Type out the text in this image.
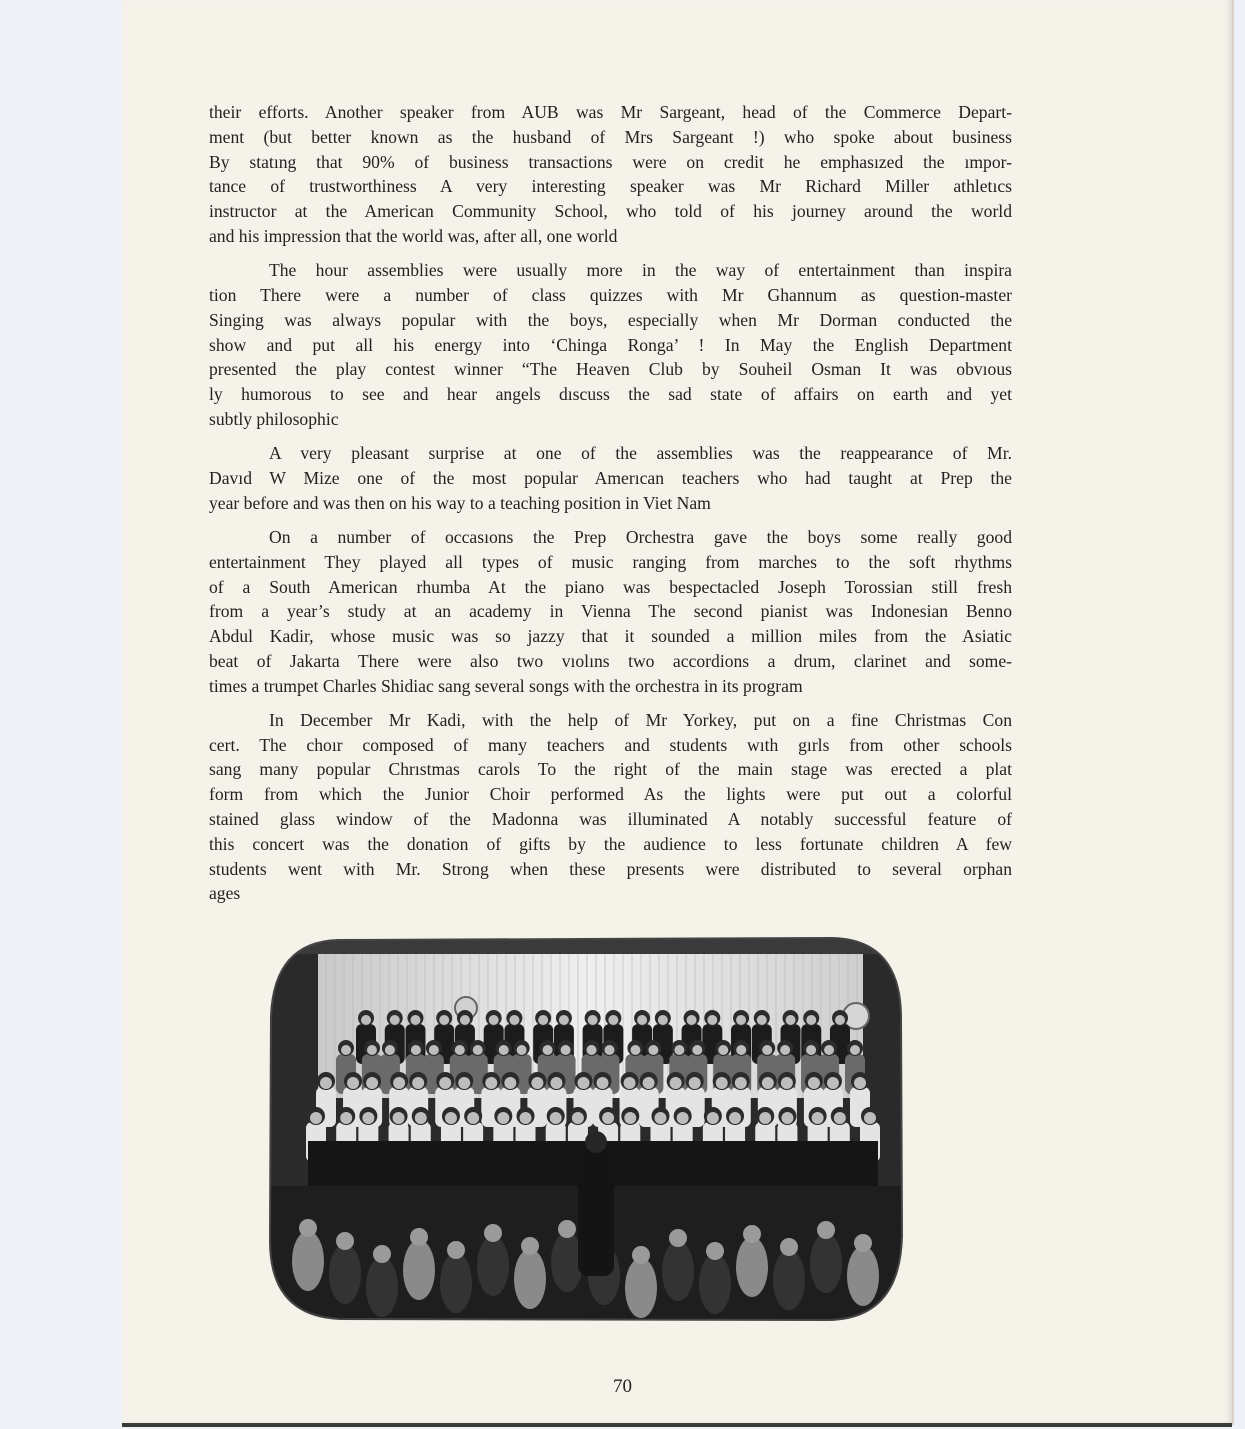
their efforts. Another speaker from AUB was Mr Sargeant, head of the Commerce Depart-
ment (but better known as the husband of Mrs Sargeant !) who spoke about business
By statıng that 90% of business transactions were on credit he emphasızed the ımpor-
tance of trustworthiness A very interesting speaker was Mr Richard Miller athletıcs
instructor at the American Community School, who told of his journey around the world
and his impression that the world was, after all, one world

The hour assemblies were usually more in the way of entertainment than inspira
tion There were a number of class quizzes with Mr Ghannum as question-master
Singing was always popular with the boys, especially when Mr Dorman conducted the
show and put all his energy into ‘Chinga Ronga’ ! In May the English Department
presented the play contest winner “The Heaven Club by Souheil Osman It was obvıous
ly humorous to see and hear angels dıscuss the sad state of affairs on earth and yet
subtly philosophic

A very pleasant surprise at one of the assemblies was the reappearance of Mr.
Davıd W Mize one of the most popular Amerıcan teachers who had taught at Prep the
year before and was then on his way to a teaching position in Viet Nam

On a number of occasıons the Prep Orchestra gave the boys some really good
entertainment They played all types of music ranging from marches to the soft rhythms
of a South American rhumba At the piano was bespectacled Joseph Torossian still fresh
from a year’s study at an academy in Vienna The second pianist was Indonesian Benno
Abdul Kadir, whose music was so jazzy that it sounded a million miles from the Asiatic
beat of Jakarta There were also two vıolıns two accordions a drum, clarinet and some-
times a trumpet Charles Shidiac sang several songs with the orchestra in its program

In December Mr Kadi, with the help of Mr Yorkey, put on a fine Christmas Con
cert. The choır composed of many teachers and students wıth gırls from other schools
sang many popular Chrıstmas carols To the right of the main stage was erected a plat
form from which the Junior Choir performed As the lights were put out a colorful
stained glass window of the Madonna was illuminated A notably successful feature of
this concert was the donation of gifts by the audience to less fortunate children A few
students went with Mr. Strong when these presents were distributed to several orphan
ages

70
